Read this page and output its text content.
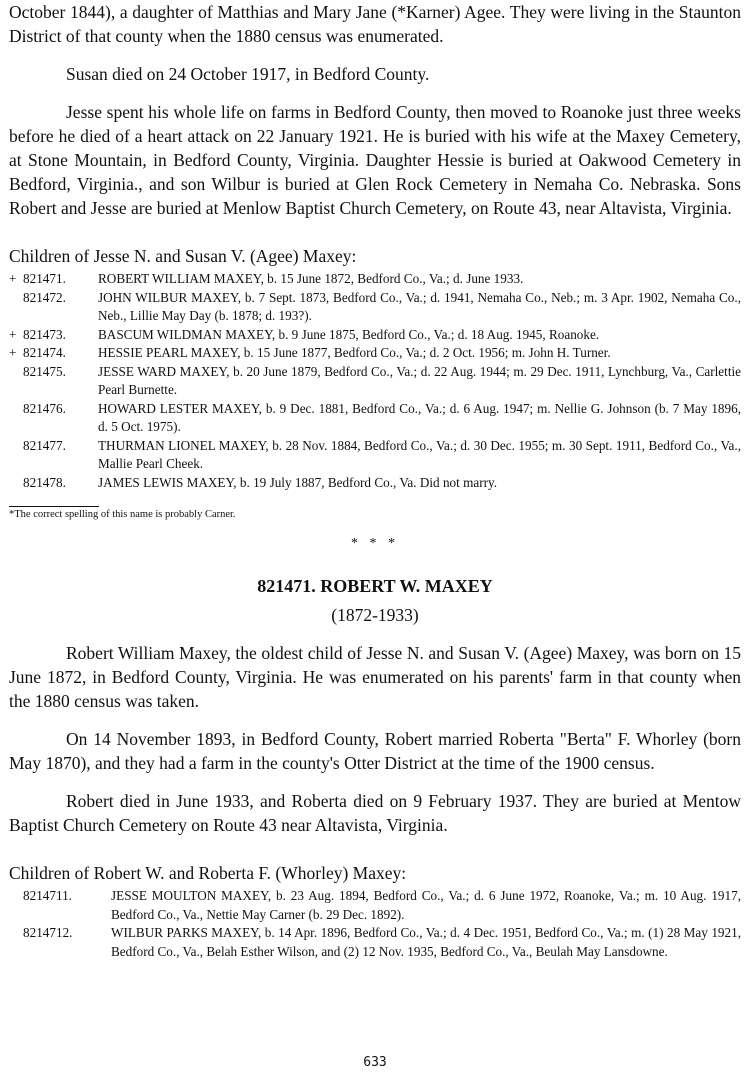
October 1844), a daughter of Matthias and Mary Jane (*Karner) Agee. They were living in the Staunton District of that county when the 1880 census was enumerated.

Susan died on 24 October 1917, in Bedford County.

Jesse spent his whole life on farms in Bedford County, then moved to Roanoke just three weeks before he died of a heart attack on 22 January 1921. He is buried with his wife at the Maxey Cemetery, at Stone Mountain, in Bedford County, Virginia. Daughter Hessie is buried at Oakwood Cemetery in Bedford, Virginia., and son Wilbur is buried at Glen Rock Cemetery in Nemaha Co. Nebraska. Sons Robert and Jesse are buried at Menlow Baptist Church Cemetery, on Route 43, near Altavista, Virginia.

Children of Jesse N. and Susan V. (Agee) Maxey:
+ 821471.	ROBERT WILLIAM MAXEY, b. 15 June 1872, Bedford Co., Va.; d. June 1933.
821472.	JOHN WILBUR MAXEY, b. 7 Sept. 1873, Bedford Co., Va.; d. 1941, Nemaha Co., Neb.; m. 3 Apr. 1902, Nemaha Co., Neb., Lillie May Day (b. 1878; d. 193?).
+ 821473.	BASCUM WILDMAN MAXEY, b. 9 June 1875, Bedford Co., Va.; d. 18 Aug. 1945, Roanoke.
+ 821474.	HESSIE PEARL MAXEY, b. 15 June 1877, Bedford Co., Va.; d. 2 Oct. 1956; m. John H. Turner.
821475.	JESSE WARD MAXEY, b. 20 June 1879, Bedford Co., Va.; d. 22 Aug. 1944; m. 29 Dec. 1911, Lynchburg, Va., Carlettie Pearl Burnette.
821476.	HOWARD LESTER MAXEY, b. 9 Dec. 1881, Bedford Co., Va.; d. 6 Aug. 1947; m. Nellie G. Johnson (b. 7 May 1896, d. 5 Oct. 1975).
821477.	THURMAN LIONEL MAXEY, b. 28 Nov. 1884, Bedford Co., Va.; d. 30 Dec. 1955; m. 30 Sept. 1911, Bedford Co., Va., Mallie Pearl Cheek.
821478.	JAMES LEWIS MAXEY, b. 19 July 1887, Bedford Co., Va. Did not marry.
*The correct spelling of this name is probably Carner.
* * *
821471. ROBERT W. MAXEY
(1872-1933)

Robert William Maxey, the oldest child of Jesse N. and Susan V. (Agee) Maxey, was born on 15 June 1872, in Bedford County, Virginia. He was enumerated on his parents' farm in that county when the 1880 census was taken.

On 14 November 1893, in Bedford County, Robert married Roberta "Berta" F. Whorley (born May 1870), and they had a farm in the county's Otter District at the time of the 1900 census.

Robert died in June 1933, and Roberta died on 9 February 1937. They are buried at Mentow Baptist Church Cemetery on Route 43 near Altavista, Virginia.

Children of Robert W. and Roberta F. (Whorley) Maxey:
8214711.	JESSE MOULTON MAXEY, b. 23 Aug. 1894, Bedford Co., Va.; d. 6 June 1972, Roanoke, Va.; m. 10 Aug. 1917, Bedford Co., Va., Nettie May Carner (b. 29 Dec. 1892).
8214712.	WILBUR PARKS MAXEY, b. 14 Apr. 1896, Bedford Co., Va.; d. 4 Dec. 1951, Bedford Co., Va.; m. (1) 28 May 1921, Bedford Co., Va., Belah Esther Wilson, and (2) 12 Nov. 1935, Bedford Co., Va., Beulah May Lansdowne.
633
